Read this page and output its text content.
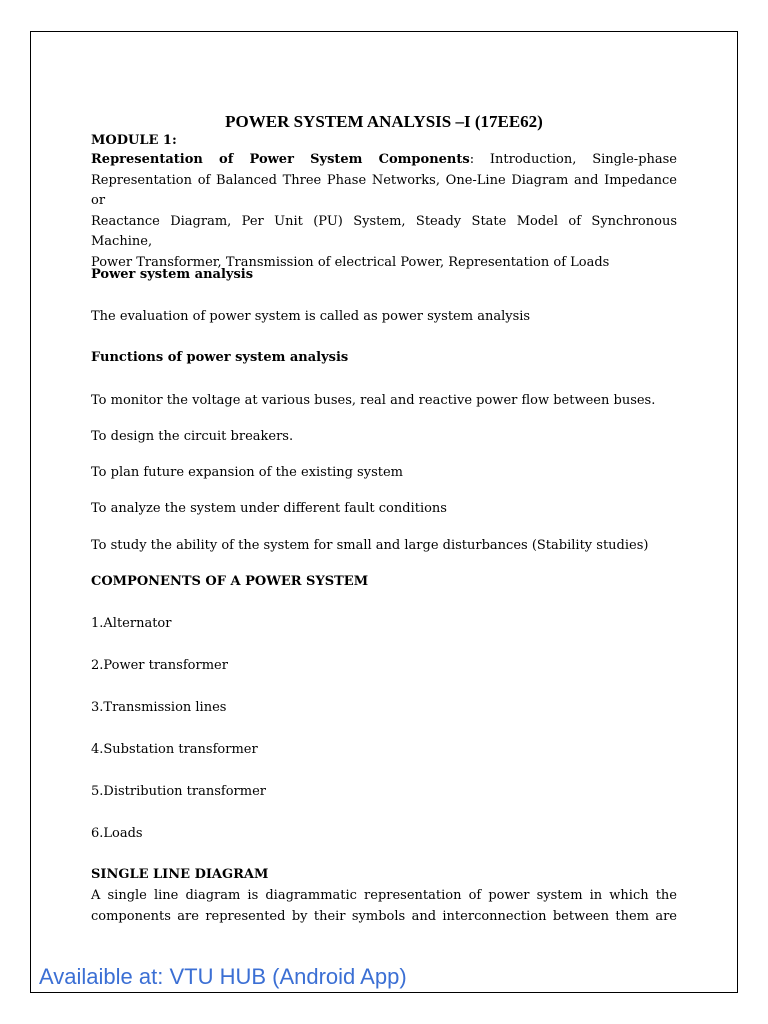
POWER SYSTEM ANALYSIS –I (17EE62)
MODULE 1:
Representation of Power System Components: Introduction, Single-phase
Representation of Balanced Three Phase Networks, One-Line Diagram and Impedance or
Reactance Diagram, Per Unit (PU) System, Steady State Model of Synchronous Machine,
Power Transformer, Transmission of electrical Power, Representation of Loads
Power system analysis
The evaluation of power system is called as power system analysis
Functions of power system analysis
To monitor the voltage at various buses, real and reactive power flow between buses.
To design the circuit breakers.
To plan future expansion of the existing system
To analyze the system under different fault conditions
To study the ability of the system for small and large disturbances (Stability studies)
COMPONENTS OF A POWER SYSTEM
1.Alternator
2.Power transformer
3.Transmission lines
4.Substation transformer
5.Distribution transformer
6.Loads
SINGLE LINE DIAGRAM
A single line diagram is diagrammatic representation of power system in which the
components are represented by their symbols and interconnection between them are
Availaible at: VTU HUB (Android App)
